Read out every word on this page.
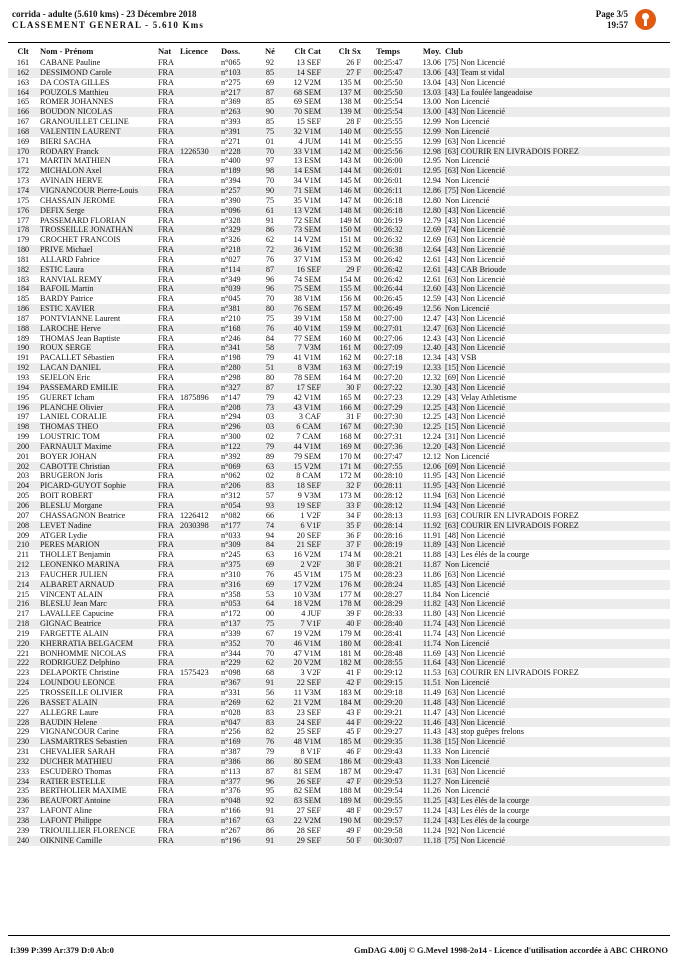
corrida - adulte (5.610 kms) - 23 Décembre 2018
CLASSEMENT GENERAL - 5.610 Kms
Page 3/5
19:57
Clt	Nom - Prénom	Nat	Licence	Doss.	Né	Clt Cat	Clt Sx	Temps	Moy.	Club
161	CABANE Pauline	FRA		n°065	92	13 SEF	26 F	00:25:47	13.06	[75] Non Licencié
162	DESSIMOND Carole	FRA		n°103	85	14 SEF	27 F	00:25:47	13.06	[43] Team st vidal
163	DA COSTA GILLES	FRA		n°275	69	12 V2M	135 M	00:25:50	13.04	[43] Non Licencié
164	POUZOLS Matthieu	FRA		n°217	87	68 SEM	137 M	00:25:50	13.03	[43] La foulée langeadoise
165	ROMER JOHANNES	FRA		n°369	85	69 SEM	138 M	00:25:54	13.00	Non Licencié
166	BOUDON NICOLAS	FRA		n°263	90	70 SEM	139 M	00:25:54	13.00	[43] Non Licencié
167	GRANOUILLET CELINE	FRA		n°393	85	15 SEF	28 F	00:25:55	12.99	Non Licencié
168	VALENTIN LAURENT	FRA		n°391	75	32 V1M	140 M	00:25:55	12.99	Non Licencié
169	BIERI SACHA	FRA		n°271	01	4 JUM	141 M	00:25:55	12.99	[63] Non Licencié
170	RODARY Franck	FRA	1226530	n°228	70	33 V1M	142 M	00:25:56	12.98	[63] COURIR EN LIVRADOIS FOREZ
171	MARTIN MATHIEN	FRA		n°400	97	13 ESM	143 M	00:26:00	12.95	Non Licencié
172	MICHALON Axel	FRA		n°189	98	14 ESM	144 M	00:26:01	12.95	[63] Non Licencié
173	AVINAIN HERVE	FRA		n°394	70	34 V1M	145 M	00:26:01	12.94	Non Licencié
174	VIGNANCOUR Pierre-Louis	FRA		n°257	90	71 SEM	146 M	00:26:11	12.86	[75] Non Licencié
175	CHASSAIN JEROME	FRA		n°390	75	35 V1M	147 M	00:26:18	12.80	Non Licencié
176	DEFIX Serge	FRA		n°096	61	13 V2M	148 M	00:26:18	12.80	[43] Non Licencié
177	PASSEMARD FLORIAN	FRA		n°328	91	72 SEM	149 M	00:26:19	12.79	[43] Non Licencié
178	TROSSEILLE JONATHAN	FRA		n°329	86	73 SEM	150 M	00:26:32	12.69	[74] Non Licencié
179	CROCHET FRANCOIS	FRA		n°326	62	14 V2M	151 M	00:26:32	12.69	[63] Non Licencié
180	PRIVE Michael	FRA		n°218	72	36 V1M	152 M	00:26:38	12.64	[43] Non Licencié
181	ALLARD Fabrice	FRA		n°027	76	37 V1M	153 M	00:26:42	12.61	[43] Non Licencié
182	ESTIC Laura	FRA		n°114	87	16 SEF	29 F	00:26:42	12.61	[43] CAB Brioude
183	RANVIAL REMY	FRA		n°349	96	74 SEM	154 M	00:26:42	12.61	[63] Non Licencié
184	BAFOIL Martin	FRA		n°039	96	75 SEM	155 M	00:26:44	12.60	[43] Non Licencié
185	BARDY Patrice	FRA		n°045	70	38 V1M	156 M	00:26:45	12.59	[43] Non Licencié
186	ESTIC XAVIER	FRA		n°381	80	76 SEM	157 M	00:26:49	12.56	Non Licencié
187	PONTVIANNE Laurent	FRA		n°210	75	39 V1M	158 M	00:27:00	12.47	[43] Non Licencié
188	LAROCHE Herve	FRA		n°168	76	40 V1M	159 M	00:27:01	12.47	[63] Non Licencié
189	THOMAS Jean Baptiste	FRA		n°246	84	77 SEM	160 M	00:27:06	12.43	[43] Non Licencié
190	ROUX SERGE	FRA		n°341	58	7 V3M	161 M	00:27:09	12.40	[43] Non Licencié
191	PACALLET Sébastien	FRA		n°198	79	41 V1M	162 M	00:27:18	12.34	[43] VSB
192	LACAN DANIEL	FRA		n°280	51	8 V3M	163 M	00:27:19	12.33	[15] Non Licencié
193	SEJELON Eric	FRA		n°298	80	78 SEM	164 M	00:27:20	12.32	[69] Non Licencié
194	PASSEMARD EMILIE	FRA		n°327	87	17 SEF	30 F	00:27:22	12.30	[43] Non Licencié
195	GUERET Icham	FRA	1875896	n°147	79	42 V1M	165 M	00:27:23	12.29	[43] Velay Athletisme
196	PLANCHE Olivier	FRA		n°208	73	43 V1M	166 M	00:27:29	12.25	[43] Non Licencié
197	LANIEL CORALIE	FRA		n°294	03	3 CAF	31 F	00:27:30	12.25	[43] Non Licencié
198	THOMAS THEO	FRA		n°296	03	6 CAM	167 M	00:27:30	12.25	[15] Non Licencié
199	LOUSTRIC TOM	FRA		n°300	02	7 CAM	168 M	00:27:31	12.24	[31] Non Licencié
200	FARNAULT Maxime	FRA		n°122	79	44 V1M	169 M	00:27:36	12.20	[43] Non Licencié
201	BOYER JOHAN	FRA		n°392	89	79 SEM	170 M	00:27:47	12.12	Non Licencié
202	CABOTTE Christian	FRA		n°069	63	15 V2M	171 M	00:27:55	12.06	[69] Non Licencié
203	BRUGERON Joris	FRA		n°062	02	8 CAM	172 M	00:28:10	11.95	[43] Non Licencié
204	PICARD-GUYOT Sophie	FRA		n°206	83	18 SEF	32 F	00:28:11	11.95	[43] Non Licencié
205	BOIT ROBERT	FRA		n°312	57	9 V3M	173 M	00:28:12	11.94	[63] Non Licencié
206	BLESLU Morgane	FRA		n°054	93	19 SEF	33 F	00:28:12	11.94	[43] Non Licencié
207	CHASSAGNON Beatrice	FRA	1226412	n°082	66	1 V2F	34 F	00:28:13	11.93	[63] COURIR EN LIVRADOIS FOREZ
208	LEVET Nadine	FRA	2030398	n°177	74	6 V1F	35 F	00:28:14	11.92	[63] COURIR EN LIVRADOIS FOREZ
209	ATGER Lydie	FRA		n°033	94	20 SEF	36 F	00:28:16	11.91	[48] Non Licencié
210	PERES MARION	FRA		n°309	84	21 SEF	37 F	00:28:19	11.89	[43] Non Licencié
211	THOLLET Benjamin	FRA		n°245	63	16 V2M	174 M	00:28:21	11.88	[43] Les élés de la courge
212	LEONENKO MARINA	FRA		n°375	69	2 V2F	38 F	00:28:21	11.87	Non Licencié
213	FAUCHER JULIEN	FRA		n°310	76	45 V1M	175 M	00:28:23	11.86	[63] Non Licencié
214	ALBARET ARNAUD	FRA		n°316	69	17 V2M	176 M	00:28:24	11.85	[43] Non Licencié
215	VINCENT ALAIN	FRA		n°358	53	10 V3M	177 M	00:28:27	11.84	Non Licencié
216	BLESLU Jean Marc	FRA		n°053	64	18 V2M	178 M	00:28:29	11.82	[43] Non Licencié
217	LAVALLEE Capucine	FRA		n°172	00	4 JUF	39 F	00:28:33	11.80	[43] Non Licencié
218	GIGNAC Beatrice	FRA		n°137	75	7 V1F	40 F	00:28:40	11.74	[43] Non Licencié
219	FARGETTE ALAIN	FRA		n°339	67	19 V2M	179 M	00:28:41	11.74	[43] Non Licencié
220	KHERRATIA BELGACEM	FRA		n°352	70	46 V1M	180 M	00:28:41	11.74	Non Licencié
221	BONHOMME NICOLAS	FRA		n°344	70	47 V1M	181 M	00:28:48	11.69	[43] Non Licencié
222	RODRIGUEZ Delphino	FRA		n°229	62	20 V2M	182 M	00:28:55	11.64	[43] Non Licencié
223	DELAPORTE Christine	FRA	1575423	n°098	68	3 V2F	41 F	00:29:12	11.53	[63] COURIR EN LIVRADOIS FOREZ
224	LOUNDOU LEONCE	FRA		n°367	91	22 SEF	42 F	00:29:15	11.51	Non Licencié
225	TROSSEILLE OLIVIER	FRA		n°331	56	11 V3M	183 M	00:29:18	11.49	[63] Non Licencié
226	BASSET ALAIN	FRA		n°269	62	21 V2M	184 M	00:29:20	11.48	[43] Non Licencié
227	ALLEGRE Laure	FRA		n°028	83	23 SEF	43 F	00:29:21	11.47	[43] Non Licencié
228	BAUDIN Helene	FRA		n°047	83	24 SEF	44 F	00:29:22	11.46	[43] Non Licencié
229	VIGNANCOUR Carine	FRA		n°256	82	25 SEF	45 F	00:29:27	11.43	[43] stop guêpes frelons
230	LASMARTRES Sebastien	FRA		n°169	76	48 V1M	185 M	00:29:35	11.38	[15] Non Licencié
231	CHEVALIER SARAH	FRA		n°387	79	8 V1F	46 F	00:29:43	11.33	Non Licencié
232	DUCHER MATHIEU	FRA		n°386	86	80 SEM	186 M	00:29:43	11.33	Non Licencié
233	ESCUDERO Thomas	FRA		n°113	87	81 SEM	187 M	00:29:47	11.31	[63] Non Licencié
234	RATIER ESTELLE	FRA		n°377	96	26 SEF	47 F	00:29:53	11.27	Non Licencié
235	BERTHOLIER MAXIME	FRA		n°376	95	82 SEM	188 M	00:29:54	11.26	Non Licencié
236	BEAUFORT Antoine	FRA		n°048	92	83 SEM	189 M	00:29:55	11.25	[43] Les élés de la courge
237	LAFONT Aline	FRA		n°166	91	27 SEF	48 F	00:29:57	11.24	[43] Les élés de la courge
238	LAFONT Philippe	FRA		n°167	63	22 V2M	190 M	00:29:57	11.24	[43] Les élés de la courge
239	TRIOUILLIER FLORENCE	FRA		n°267	86	28 SEF	49 F	00:29:58	11.24	[92] Non Licencié
240	OIKNINE Camille	FRA		n°196	91	29 SEF	50 F	00:30:07	11.18	[75] Non Licencié
I:399 P:399 Ar:379 D:0 Ab:0	GmDAG 4.00j © G.Mevel 1998-2o14 - Licence d'utilisation accordée à ABC CHRONO
